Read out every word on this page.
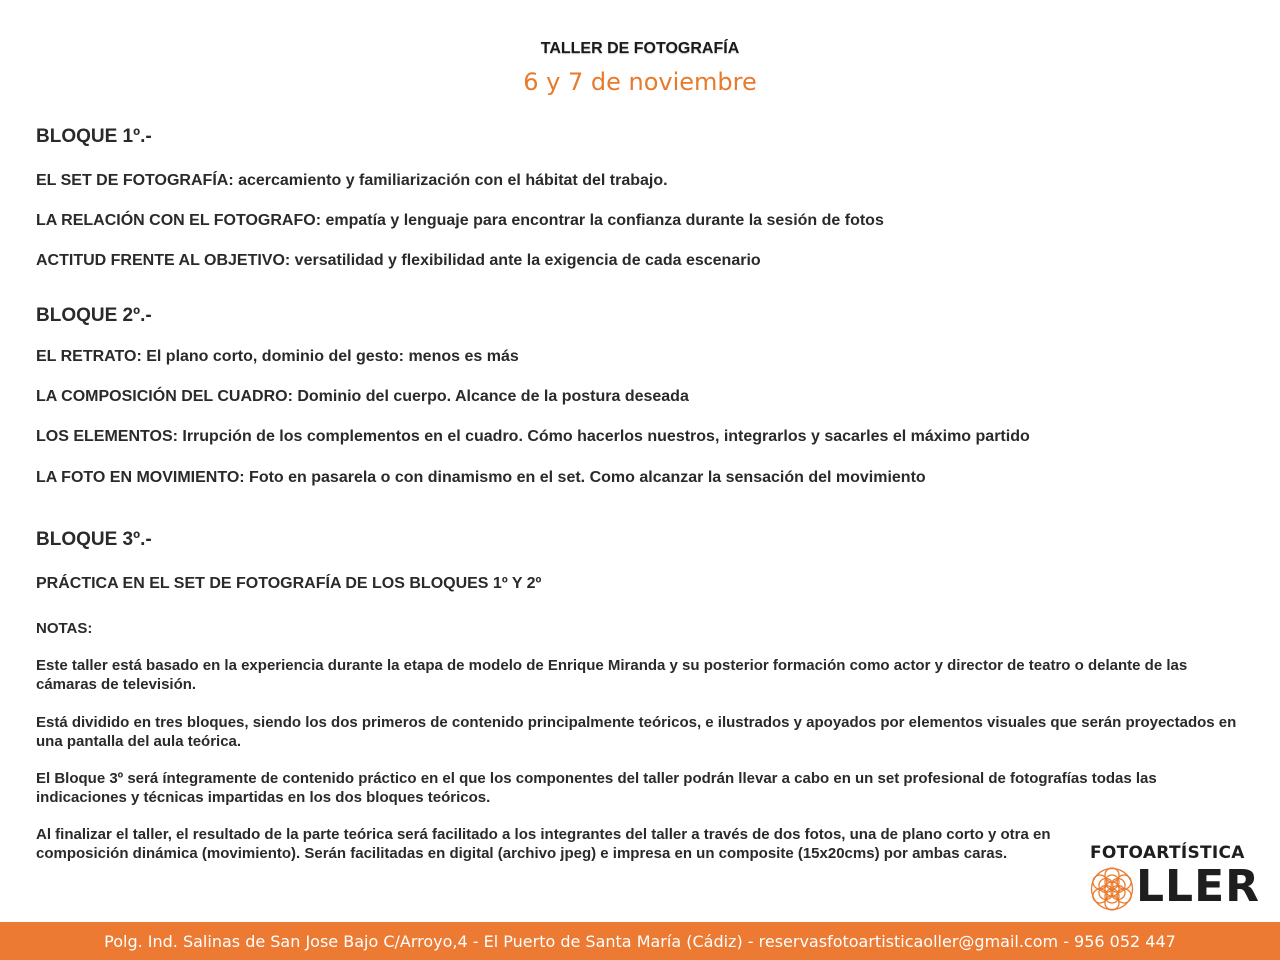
TALLER DE FOTOGRAFÍA
6 y 7 de noviembre
BLOQUE 1º.-
EL SET DE FOTOGRAFÍA: acercamiento y familiarización con el hábitat del trabajo.
LA RELACIÓN CON EL FOTOGRAFO: empatía y lenguaje para encontrar la confianza durante la sesión de fotos
ACTITUD FRENTE AL OBJETIVO: versatilidad y flexibilidad ante la exigencia de cada escenario
BLOQUE 2º.-
EL RETRATO: El plano corto, dominio del gesto: menos es más
LA COMPOSICIÓN DEL CUADRO: Dominio del cuerpo. Alcance de la postura deseada
LOS ELEMENTOS: Irrupción de los complementos en el cuadro. Cómo hacerlos nuestros, integrarlos y sacarles el máximo partido
LA FOTO EN MOVIMIENTO: Foto en pasarela o con dinamismo en el set. Como alcanzar la sensación del movimiento
BLOQUE 3º.-
PRÁCTICA EN EL SET DE FOTOGRAFÍA DE LOS BLOQUES 1º Y 2º
NOTAS:
Este taller está basado en la experiencia durante la etapa de modelo de Enrique Miranda y su posterior formación como actor y director de teatro o delante de las cámaras de televisión.
Está dividido en tres bloques, siendo los dos primeros de contenido principalmente teóricos, e ilustrados y apoyados por elementos visuales que serán proyectados en una pantalla del aula teórica.
El Bloque 3º será íntegramente de contenido práctico en el que los componentes del taller podrán llevar a cabo en un set profesional de fotografías todas las indicaciones y técnicas impartidas en los dos bloques teóricos.
Al finalizar el taller, el resultado de la parte teórica será facilitado a los integrantes del taller a través de dos fotos, una de plano corto y otra en composición dinámica (movimiento). Serán facilitadas en digital (archivo jpeg) e impresa en un composite (15x20cms) por ambas caras.	FOTOARTÍSTICA
LLER
Polg. Ind. Salinas de San Jose Bajo C/Arroyo,4 - El Puerto de Santa María (Cádiz) - reservasfotoartisticaoller@gmail.com - 956 052 447
